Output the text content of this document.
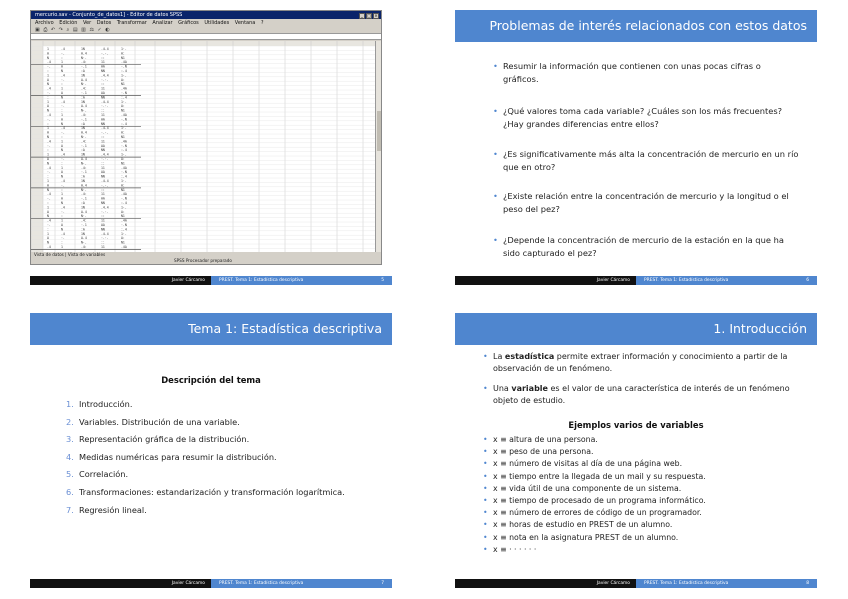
mercurio.sav - Conjunto_de_datos1] - Editor de datos SPSS	_ □ ×
Archivo Edición Ver Datos Transformar Analizar Gráficos Utilidades Ventana ?
▣ ⎙ ↶ ↷ ⌕ ▤ ▥ ⚖ ✓ ◐
1	.4	1N	.4.4	1·.
A	·.	A.4	·.·.	A:
N	:	N·.	::	N1
.4	1	.4:	11	.4A
·.	A	·.1	AA	·.N
:	N	:A	NN	:.4
1	.4	1N	.4.4	1·.
A	·.	A.4	·.·.	A:
N	:	N·.	::	N1
.4	1	.4:	11	.4A
·.	A	·.1	AA	·.N
:	N	:A	NN	:.4
1	.4	1N	.4.4	1·.
A	·.	A.4	·.·.	A:
N	:	N·.	::	N1
.4	1	.4:	11	.4A
·.	A	·.1	AA	·.N
:	N	:A	NN	:.4
1	.4	1N	.4.4	1·.
A	·.	A.4	·.·.	A:
N	:	N·.	::	N1
.4	1	.4:	11	.4A
·.	A	·.1	AA	·.N
:	N	:A	NN	:.4
1	.4	1N	.4.4	1·.
A	·.	A.4	·.·.	A:
N	:	N·.	::	N1
.4	1	.4:	11	.4A
·.	A	·.1	AA	·.N
:	N	:A	NN	:.4
1	.4	1N	.4.4	1·.
A	·.	A.4	·.·.	A:
N	:	N·.	::	N1
.4	1	.4:	11	.4A
·.	A	·.1	AA	·.N
:	N	:A	NN	:.4
1	.4	1N	.4.4	1·.
A	·.	A.4	·.·.	A:
N	:	N·.	::	N1
.4	1	.4:	11	.4A
·.	A	·.1	AA	·.N
:	N	:A	NN	:.4
1	.4	1N	.4.4	1·.
A	·.	A.4	·.·.	A:
N	:	N·.	::	N1
.4	1	.4:	11	.4A
Vista de datos | Vista de variables
SPSS Procesador preparado
Javier Cárcamo	PREST. Tema 1: Estadística descriptiva	5
Problemas de interés relacionados con estos datos
• Resumir la información que contienen con unas pocas cifras o gráficos.
• ¿Qué valores toma cada variable? ¿Cuáles son los más frecuentes? ¿Hay grandes diferencias entre ellos?
• ¿Es significativamente más alta la concentración de mercurio en un río que en otro?
• ¿Existe relación entre la concentración de mercurio y la longitud o el peso del pez?
• ¿Depende la concentración de mercurio de la estación en la que ha sido capturado el pez?
Javier Cárcamo	PREST. Tema 1: Estadística descriptiva	6
Tema 1: Estadística descriptiva
Descripción del tema
1. Introducción.
2. Variables. Distribución de una variable.
3. Representación gráfica de la distribución.
4. Medidas numéricas para resumir la distribución.
5. Correlación.
6. Transformaciones: estandarización y transformación logarítmica.
7. Regresión lineal.
Javier Cárcamo	PREST. Tema 1: Estadística descriptiva	7
1. Introducción
• La estadística permite extraer información y conocimiento a partir de la observación de un fenómeno.
• Una variable es el valor de una característica de interés de un fenómeno objeto de estudio.
Ejemplos varios de variables
• x ≡ altura de una persona.
• x ≡ peso de una persona.
• x ≡ número de visitas al día de una página web.
• x ≡ tiempo entre la llegada de un mail y su respuesta.
• x ≡ vida útil de una componente de un sistema.
• x ≡ tiempo de procesado de un programa informático.
• x ≡ número de errores de código de un programador.
• x ≡ horas de estudio en PREST de un alumno.
• x ≡ nota en la asignatura PREST de un alumno.
• x ≡ · · · · · ·
Javier Cárcamo	PREST. Tema 1: Estadística descriptiva	8
